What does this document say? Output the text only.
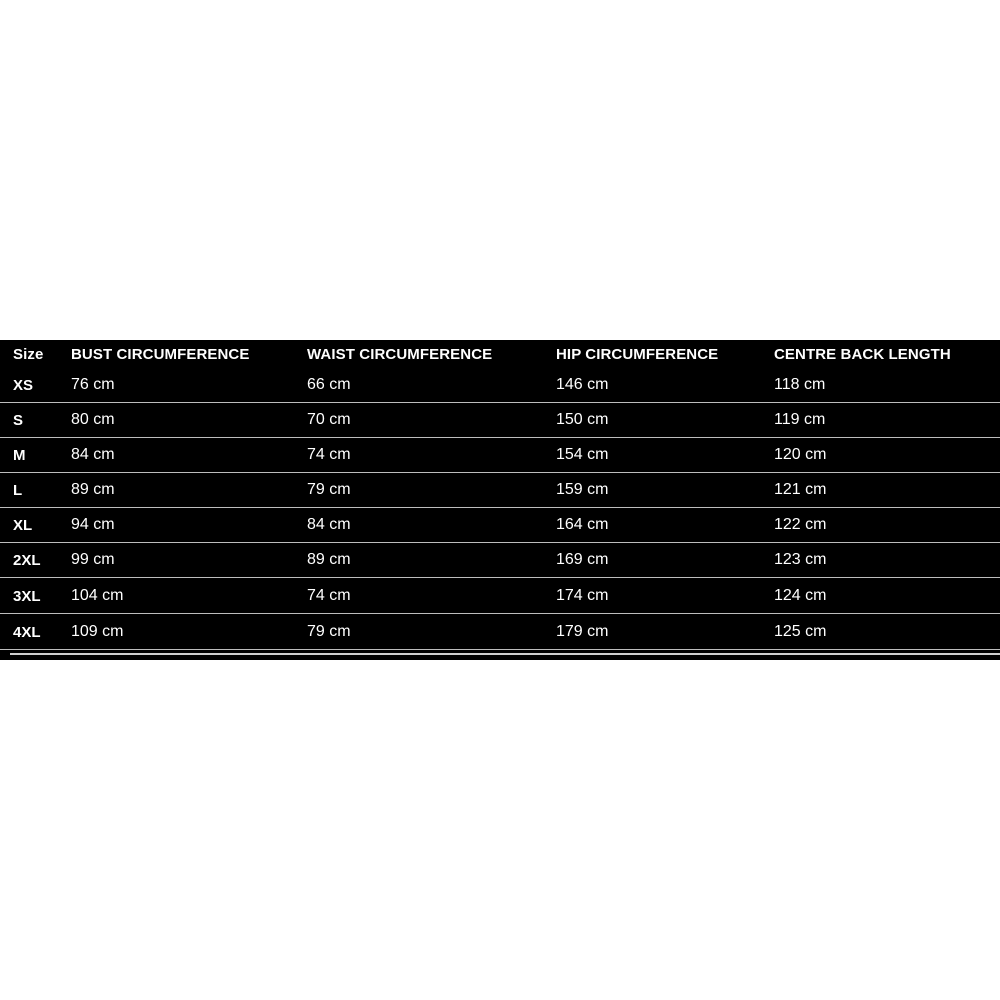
Size BUST CIRCUMFERENCE	WAIST CIRCUMFERENCE	HIP CIRCUMFERENCE	CENTRE BACK LENGTH
XS 76 cm	66 cm	146 cm	118 cm
S	80 cm	70 cm	150 cm	119 cm
M	84 cm	74 cm	154 cm	120 cm
L	89 cm	79 cm	159 cm	121 cm
XL 94 cm	84 cm	164 cm	122 cm
2XL 99 cm	89 cm	169 cm	123 cm
3XL 104 cm	74 cm	174 cm	124 cm
4XL 109 cm	79 cm	179 cm	125 cm
